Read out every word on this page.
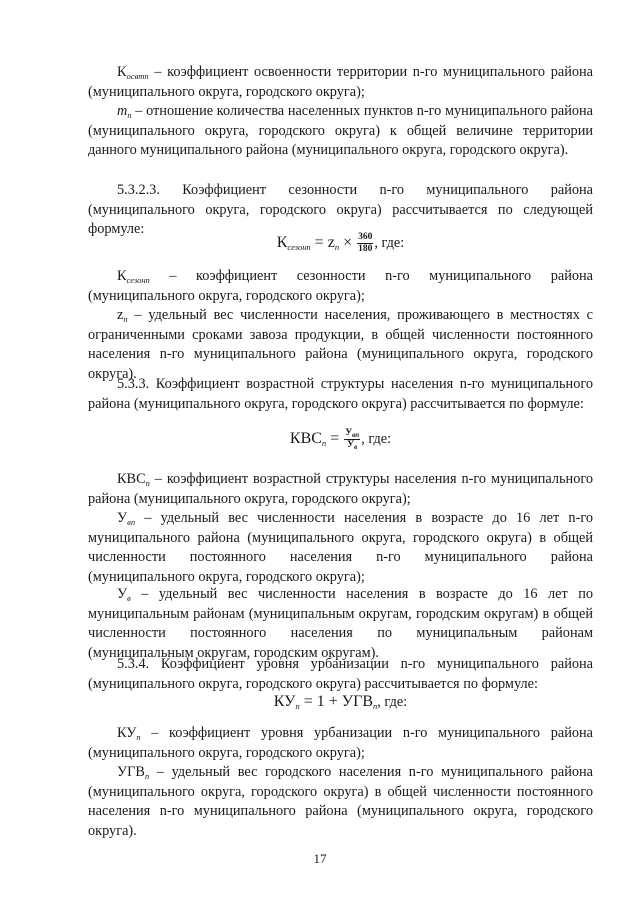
$К_{освтп}$ – коэффициент освоенности территории n-го муниципального района (муниципального округа, городского округа);

$m_n$ – отношение количества населенных пунктов n-го муниципального района (муниципального округа, городского округа) к общей величине территории данного муниципального района (муниципального округа, городского округа).

5.3.2.3. Коэффициент сезонности n-го муниципального района (муниципального округа, городского округа) рассчитывается по следующей формуле:

$К_{сезонп} = z_n \times \frac{360}{180}$ , где:

$К_{сезонп}$ – коэффициент сезонности n-го муниципального района (муниципального округа, городского округа);

$z_n$ – удельный вес численности населения, проживающего в местностях с ограниченными сроками завоза продукции, в общей численности постоянного населения n-го муниципального района (муниципального округа, городского округа).

5.3.3. Коэффициент возрастной структуры населения n-го муниципального района (муниципального округа, городского округа) рассчитывается по формуле:

$КВС_n = \frac{У_{вп}}{У_в}$ , где:

$КВС_n$ – коэффициент возрастной структуры населения n-го муниципального района (муниципального округа, городского округа);

$У_{вп}$ – удельный вес численности населения в возрасте до 16 лет n-го муниципального района (муниципального округа, городского округа) в общей численности постоянного населения n-го муниципального района (муниципального округа, городского округа);

$У_в$ – удельный вес численности населения в возрасте до 16 лет по муниципальным районам (муниципальным округам, городским округам) в общей численности постоянного населения по муниципальным районам (муниципальным округам, городским округам).

5.3.4. Коэффициент уровня урбанизации n-го муниципального района (муниципального округа, городского округа) рассчитывается по формуле:

$КУ_n = 1 + УГВ_n$, где:

$КУ_n$ – коэффициент уровня урбанизации n-го муниципального района (муниципального округа, городского округа);

$УГВ_n$ – удельный вес городского населения n-го муниципального района (муниципального округа, городского округа) в общей численности постоянного населения n-го муниципального района (муниципального округа, городского округа).

17
